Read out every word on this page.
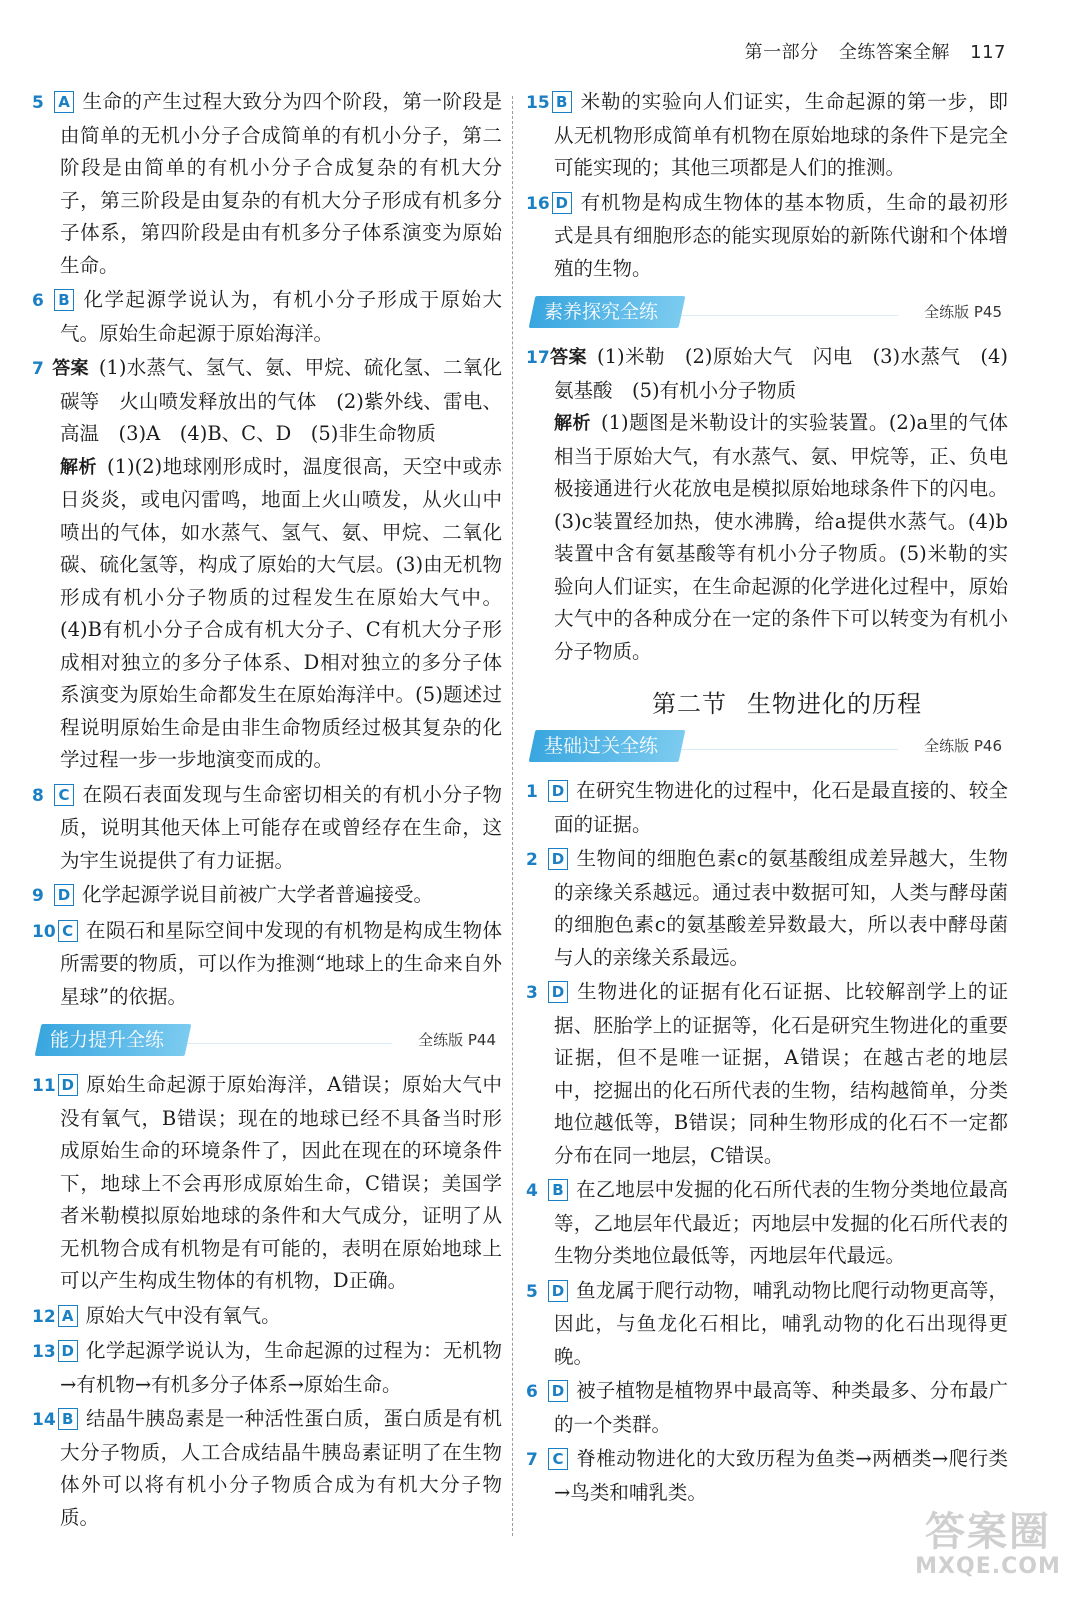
第一部分 全练答案全解 117
5 A 生命的产生过程大致分为四个阶段，第一阶段是由简单的无机小分子合成简单的有机小分子，第二阶段是由简单的有机小分子合成复杂的有机大分子，第三阶段是由复杂的有机大分子形成有机多分子体系，第四阶段是由有机多分子体系演变为原始生命。
6 B 化学起源学说认为，有机小分子形成于原始大气。原始生命起源于原始海洋。
7 答案 (1)水蒸气、氢气、氨、甲烷、硫化氢、二氧化碳等　火山喷发释放出的气体　(2)紫外线、雷电、高温　(3)A　(4)B、C、D　(5)非生命物质
解析 (1)(2)地球刚形成时，温度很高，天空中或赤日炎炎，或电闪雷鸣，地面上火山喷发，从火山中喷出的气体，如水蒸气、氢气、氨、甲烷、二氧化碳、硫化氢等，构成了原始的大气层。(3)由无机物形成有机小分子物质的过程发生在原始大气中。(4)B有机小分子合成有机大分子、C有机大分子形成相对独立的多分子体系、D相对独立的多分子体系演变为原始生命都发生在原始海洋中。(5)题述过程说明原始生命是由非生命物质经过极其复杂的化学过程一步一步地演变而成的。
8 C 在陨石表面发现与生命密切相关的有机小分子物质，说明其他天体上可能存在或曾经存在生命，这为宇生说提供了有力证据。
9 D 化学起源学说目前被广大学者普遍接受。
10 C 在陨石和星际空间中发现的有机物是构成生物体所需要的物质，可以作为推测“地球上的生命来自外星球”的依据。
能力提升全练	全练版 P44
11 D 原始生命起源于原始海洋，A错误；原始大气中没有氧气，B错误；现在的地球已经不具备当时形成原始生命的环境条件了，因此在现在的环境条件下，地球上不会再形成原始生命，C错误；美国学者米勒模拟原始地球的条件和大气成分，证明了从无机物合成有机物是有可能的，表明在原始地球上可以产生构成生物体的有机物，D正确。
12 A 原始大气中没有氧气。
13 D 化学起源学说认为，生命起源的过程为：无机物→有机物→有机多分子体系→原始生命。
14 B 结晶牛胰岛素是一种活性蛋白质，蛋白质是有机大分子物质，人工合成结晶牛胰岛素证明了在生物体外可以将有机小分子物质合成为有机大分子物质。
15 B 米勒的实验向人们证实，生命起源的第一步，即从无机物形成简单有机物在原始地球的条件下是完全可能实现的；其他三项都是人们的推测。
16 D 有机物是构成生物体的基本物质，生命的最初形式是具有细胞形态的能实现原始的新陈代谢和个体增殖的生物。
素养探究全练	全练版 P45
17答案 (1)米勒　(2)原始大气　闪电　(3)水蒸气　(4)氨基酸　(5)有机小分子物质
解析 (1)题图是米勒设计的实验装置。(2)a里的气体相当于原始大气，有水蒸气、氨、甲烷等，正、负电极接通进行火花放电是模拟原始地球条件下的闪电。(3)c装置经加热，使水沸腾，给a提供水蒸气。(4)b装置中含有氨基酸等有机小分子物质。(5)米勒的实验向人们证实，在生命起源的化学进化过程中，原始大气中的各种成分在一定的条件下可以转变为有机小分子物质。
第二节 生物进化的历程
基础过关全练	全练版 P46
1 D 在研究生物进化的过程中，化石是最直接的、较全面的证据。
2 D 生物间的细胞色素c的氨基酸组成差异越大，生物的亲缘关系越远。通过表中数据可知，人类与酵母菌的细胞色素c的氨基酸差异数最大，所以表中酵母菌与人的亲缘关系最远。
3 D 生物进化的证据有化石证据、比较解剖学上的证据、胚胎学上的证据等，化石是研究生物进化的重要证据，但不是唯一证据，A错误；在越古老的地层中，挖掘出的化石所代表的生物，结构越简单，分类地位越低等，B错误；同种生物形成的化石不一定都分布在同一地层，C错误。
4 B 在乙地层中发掘的化石所代表的生物分类地位最高等，乙地层年代最近；丙地层中发掘的化石所代表的生物分类地位最低等，丙地层年代最远。
5 D 鱼龙属于爬行动物，哺乳动物比爬行动物更高等，因此，与鱼龙化石相比，哺乳动物的化石出现得更晚。
6 D 被子植物是植物界中最高等、种类最多、分布最广的一个类群。
7 C 脊椎动物进化的大致历程为鱼类→两栖类→爬行类→鸟类和哺乳类。
答案圈
MXQE.COM
